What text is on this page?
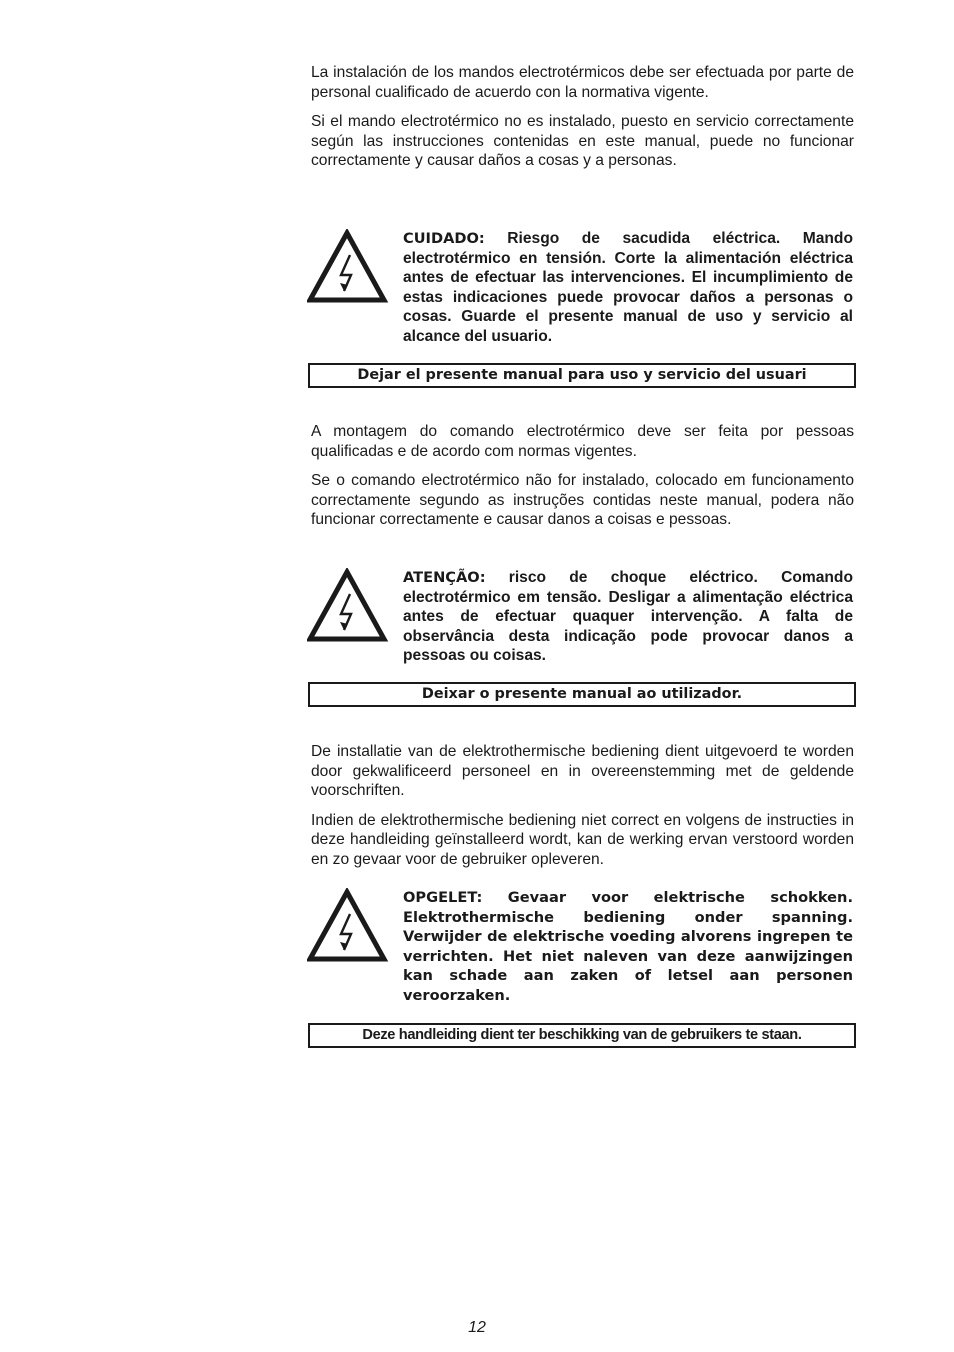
La instalación de los mandos electrotérmicos debe ser efectuada por parte de personal cualificado de acuerdo con la normativa vigente.

Si el mando electrotérmico no es instalado, puesto en servicio correctamente según las instrucciones contenidas en este manual, puede no funcionar correctamente y causar daños a cosas y a personas.

CUIDADO: Riesgo de sacudida eléctrica. Mando electrotérmico en tensión. Corte la alimentación eléctrica antes de efectuar las intervenciones. El incumplimiento de estas indicaciones puede provocar daños a personas o cosas. Guarde el presente manual de uso y servicio al alcance del usuario.

Dejar el presente manual para uso y servicio del usuari

A montagem do comando electrotérmico deve ser feita por pessoas qualificadas e de acordo com normas vigentes.

Se o comando electrotérmico não for instalado, colocado em funcionamento correctamente segundo as instruções contidas neste manual, podera não funcionar correctamente e causar danos a coisas e pessoas.

ATENÇÃO: risco de choque eléctrico. Comando electrotérmico em tensão. Desligar a alimentação eléctrica antes de efectuar quaquer intervenção. A falta de observância desta indicação pode provocar danos a pessoas ou coisas.

Deixar o presente manual ao utilizador.

De installatie van de elektrothermische bediening dient uitgevoerd te worden door gekwalificeerd personeel en in overeenstemming met de geldende voorschriften.

Indien de elektrothermische bediening niet correct en volgens de instructies in deze handleiding geïnstalleerd wordt, kan de werking ervan verstoord worden en zo gevaar voor de gebruiker opleveren.

OPGELET: Gevaar voor elektrische schokken. Elektrothermische bediening onder spanning. Verwijder de elektrische voeding alvorens ingrepen te verrichten. Het niet naleven van deze aanwijzingen kan schade aan zaken of letsel aan personen veroorzaken.

Deze handleiding dient ter beschikking van de gebruikers te staan.
12
